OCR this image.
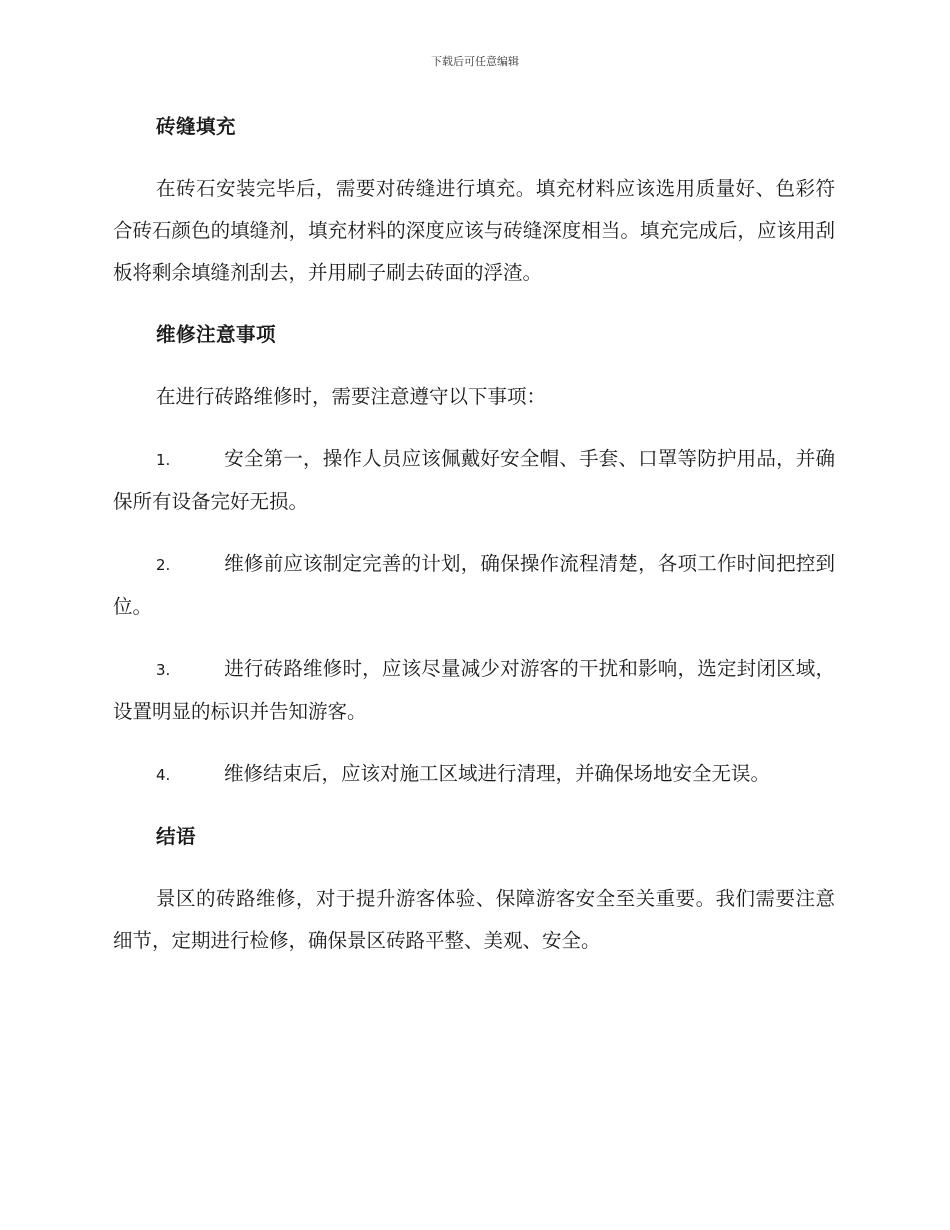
下载后可任意编辑
砖缝填充

在砖石安装完毕后，需要对砖缝进行填充。填充材料应该选用质量好、色彩符合砖石颜色的填缝剂，填充材料的深度应该与砖缝深度相当。填充完成后，应该用刮板将剩余填缝剂刮去，并用刷子刷去砖面的浮渣。

维修注意事项

在进行砖路维修时，需要注意遵守以下事项：

1.	安全第一，操作人员应该佩戴好安全帽、手套、口罩等防护用品，并确保所有设备完好无损。

2.	维修前应该制定完善的计划，确保操作流程清楚，各项工作时间把控到位。

3.	进行砖路维修时，应该尽量减少对游客的干扰和影响，选定封闭区域，设置明显的标识并告知游客。

4.	维修结束后，应该对施工区域进行清理，并确保场地安全无误。

结语

景区的砖路维修，对于提升游客体验、保障游客安全至关重要。我们需要注意细节，定期进行检修，确保景区砖路平整、美观、安全。
